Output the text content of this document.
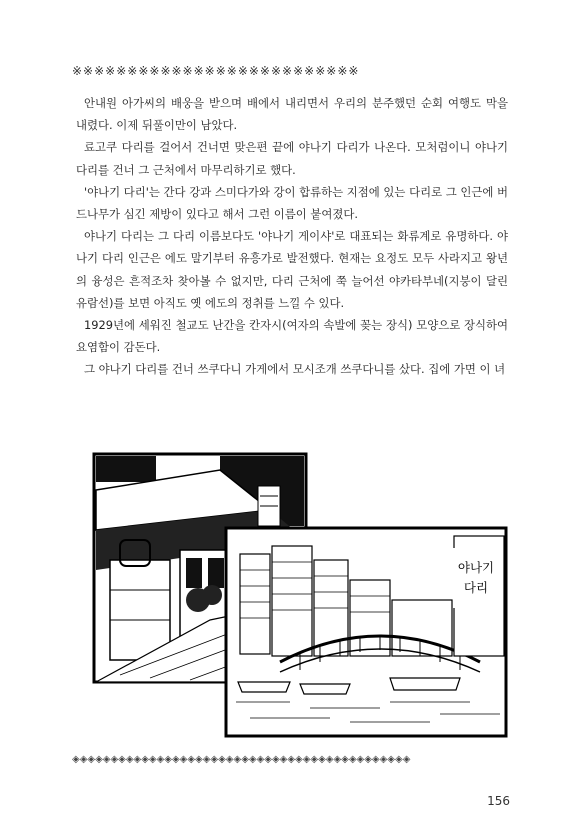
※※※※※※※※※※※※※※※※※※※※※※※※※※

안내원 아가씨의 배웅을 받으며 배에서 내리면서 우리의 분주했던 순회 여행도 막을 내렸다. 이제 뒤풀이만이 남았다.

료고쿠 다리를 걸어서 건너면 맞은편 끝에 야나기 다리가 나온다. 모처럼이니 야나기 다리를 건너 그 근처에서 마무리하기로 했다.

'야나기 다리'는 간다 강과 스미다가와 강이 합류하는 지점에 있는 다리로 그 인근에 버드나무가 심긴 제방이 있다고 해서 그런 이름이 붙여졌다.

야나기 다리는 그 다리 이름보다도 '야나기 게이샤'로 대표되는 화류계로 유명하다. 야나기 다리 인근은 에도 말기부터 유흥가로 발전했다. 현재는 요정도 모두 사라지고 왕년의 융성은 흔적조차 찾아볼 수 없지만, 다리 근처에 쭉 늘어선 야카타부네(지붕이 달린 유람선)를 보면 아직도 옛 에도의 정취를 느낄 수 있다.

1929년에 세워진 철교도 난간을 칸자시(여자의 속발에 꽂는 장식) 모양으로 장식하여 요염함이 감돈다.

그 야나기 다리를 건너 쓰쿠다니 가게에서 모시조개 쓰쿠다니를 샀다. 집에 가면 이 녀

야나기
다리
◈◈◈◈◈◈◈◈◈◈◈◈◈◈◈◈◈◈◈◈◈◈◈◈◈◈◈◈◈◈◈◈◈◈◈◈◈◈◈◈◈◈◈◈
156
